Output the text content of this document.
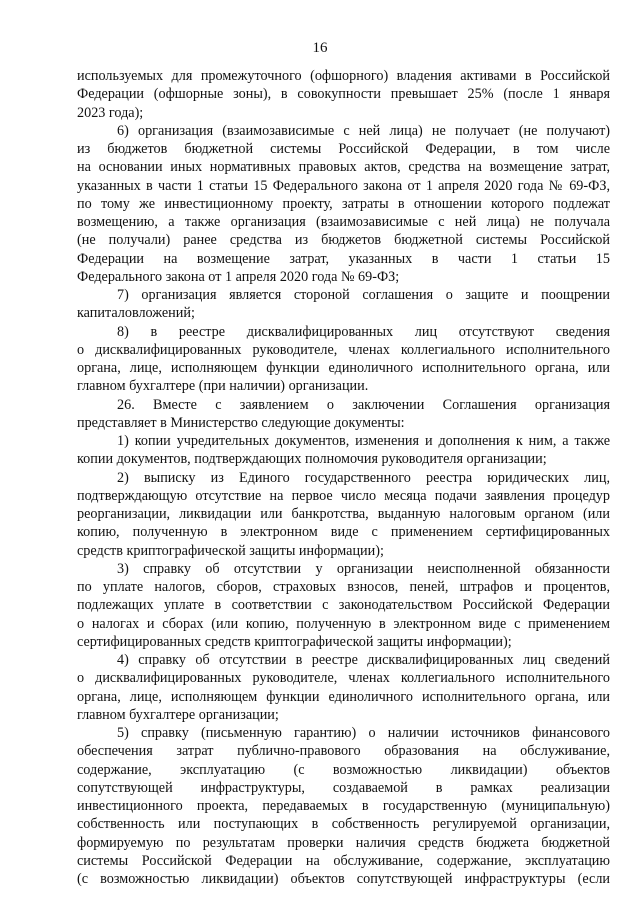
16
используемых для промежуточного (офшорного) владения активами в Российской
Федерации (офшорные зоны), в совокупности превышает 25% (после 1 января
2023 года);
6) организация (взаимозависимые с ней лица) не получает (не получают)
из бюджетов бюджетной системы Российской Федерации, в том числе
на основании иных нормативных правовых актов, средства на возмещение затрат,
указанных в части 1 статьи 15 Федерального закона от 1 апреля 2020 года № 69-ФЗ,
по тому же инвестиционному проекту, затраты в отношении которого подлежат
возмещению, а также организация (взаимозависимые с ней лица) не получала
(не получали) ранее средства из бюджетов бюджетной системы Российской
Федерации на возмещение затрат, указанных в части 1 статьи 15
Федерального закона от 1 апреля 2020 года № 69-ФЗ;
7) организация является стороной соглашения о защите и поощрении
капиталовложений;
8) в реестре дисквалифицированных лиц отсутствуют сведения
о дисквалифицированных руководителе, членах коллегиального исполнительного
органа, лице, исполняющем функции единоличного исполнительного органа, или
главном бухгалтере (при наличии) организации.
26. Вместе с заявлением о заключении Соглашения организация
представляет в Министерство следующие документы:
1) копии учредительных документов, изменения и дополнения к ним, а также
копии документов, подтверждающих полномочия руководителя организации;
2) выписку из Единого государственного реестра юридических лиц,
подтверждающую отсутствие на первое число месяца подачи заявления процедур
реорганизации, ликвидации или банкротства, выданную налоговым органом (или
копию, полученную в электронном виде с применением сертифицированных
средств криптографической защиты информации);
3) справку об отсутствии у организации неисполненной обязанности
по уплате налогов, сборов, страховых взносов, пеней, штрафов и процентов,
подлежащих уплате в соответствии с законодательством Российской Федерации
о налогах и сборах (или копию, полученную в электронном виде с применением
сертифицированных средств криптографической защиты информации);
4) справку об отсутствии в реестре дисквалифицированных лиц сведений
о дисквалифицированных руководителе, членах коллегиального исполнительного
органа, лице, исполняющем функции единоличного исполнительного органа, или
главном бухгалтере организации;
5) справку (письменную гарантию) о наличии источников финансового
обеспечения затрат публично-правового образования на обслуживание,
содержание, эксплуатацию (с возможностью ликвидации) объектов
сопутствующей инфраструктуры, создаваемой в рамках реализации
инвестиционного проекта, передаваемых в государственную (муниципальную)
собственность или поступающих в собственность регулируемой организации,
формируемую по результатам проверки наличия средств бюджета бюджетной
системы Российской Федерации на обслуживание, содержание, эксплуатацию
(с возможностью ликвидации) объектов сопутствующей инфраструктуры (если
